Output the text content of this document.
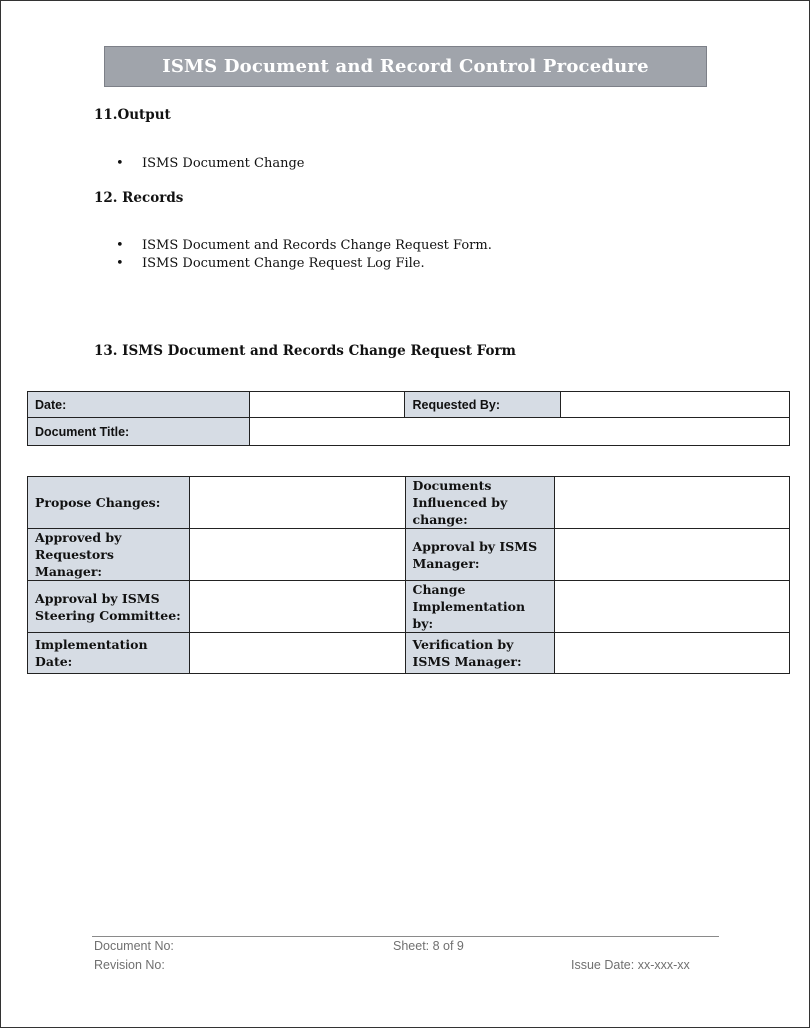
ISMS Document and Record Control Procedure
11.Output
• ISMS Document Change
12. Records
• ISMS Document and Records Change Request Form.
• ISMS Document Change Request Log File.
13. ISMS Document and Records Change Request Form
Date:		Requested By:	
Document Title:			
Propose Changes:		Documents Influenced by change:	
Approved by Requestors Manager:		Approval by ISMS Manager:	
Approval by ISMS Steering Committee:		Change Implementation by:	
Implementation Date:		Verification by ISMS Manager:	
Document No:	Sheet: 8 of 9
Revision No:	Issue Date: xx-xxx-xx
